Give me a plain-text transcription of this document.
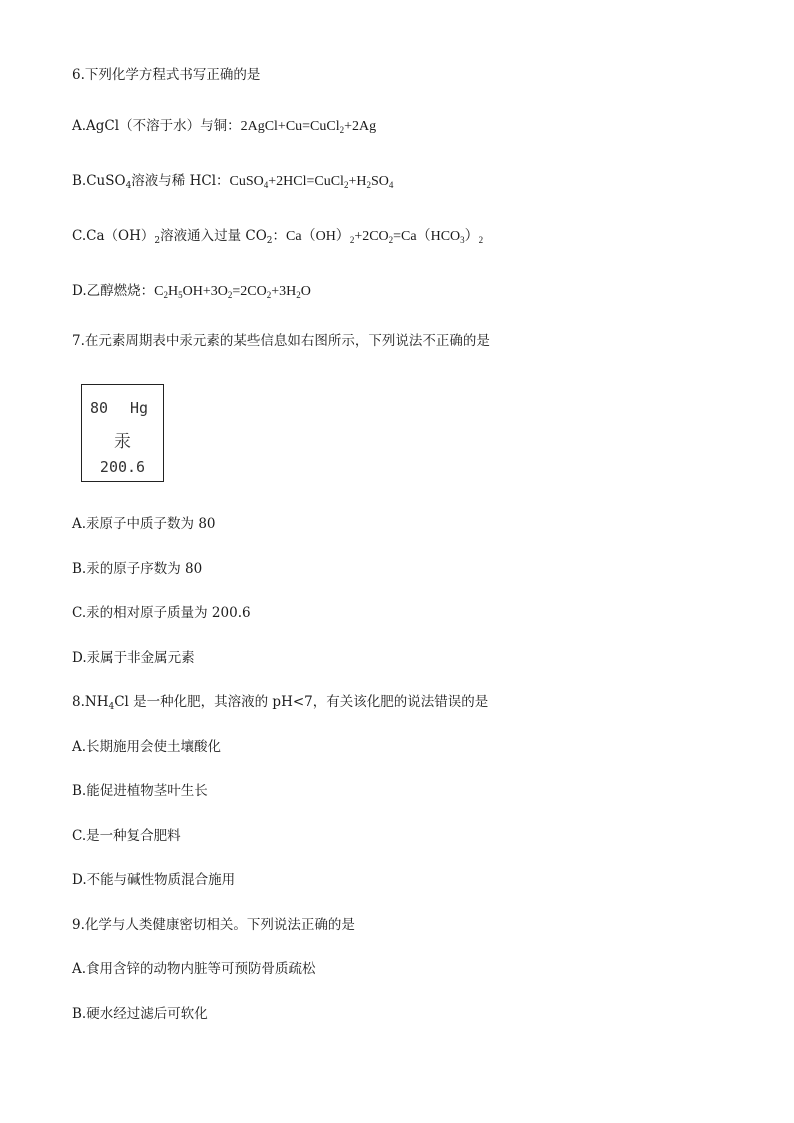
6.下列化学方程式书写正确的是
A.AgCl（不溶于水）与铜：2AgCl+Cu=CuCl$_2$+2Ag
B.CuSO$_4$溶液与稀 HCl：$CuSO_4+2HCl=CuCl_2+H_2SO_4$
$C.Ca(OH)_2$溶液通入过量 $CO_2$：$Ca(OH)_2+2CO_2=Ca(HCO_3)_2$
D.乙醇燃烧：$C_2H_5OH+3O_2=2CO_2+3H_2O$
7.在元素周期表中汞元素的某些信息如右图所示，下列说法不正确的是
80 Hg
汞
200.6
A.汞原子中质子数为 80
B.汞的原子序数为 80
C.汞的相对原子质量为 200.6
D.汞属于非金属元素
$8.NH_4Cl$ 是一种化肥，其溶液的 pH<7，有关该化肥的说法错误的是
A.长期施用会使土壤酸化
B.能促进植物茎叶生长
C.是一种复合肥料
D.不能与碱性物质混合施用
9.化学与人类健康密切相关。下列说法正确的是
A.食用含锌的动物内脏等可预防骨质疏松
B.硬水经过滤后可软化
